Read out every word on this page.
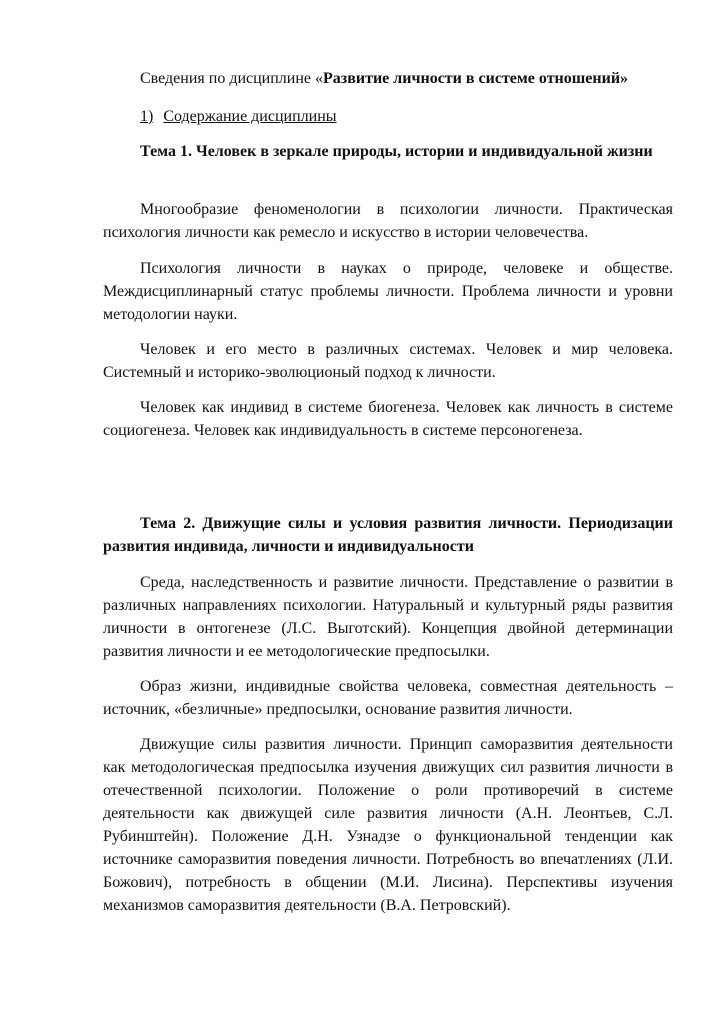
Сведения по дисциплине «Развитие личности в системе отношений»
1) Содержание дисциплины
Тема 1. Человек в зеркале природы, истории и индивидуальной жизни
Многообразие феноменологии в психологии личности. Практическая психология личности как ремесло и искусство в истории человечества.
Психология личности в науках о природе, человеке и обществе. Междисциплинарный статус проблемы личности. Проблема личности и уровни методологии науки.
Человек и его место в различных системах. Человек и мир человека. Системный и историко-эволюционый подход к личности.
Человек как индивид в системе биогенеза. Человек как личность в системе социогенеза. Человек как индивидуальность в системе персоногенеза.
Тема 2. Движущие силы и условия развития личности. Периодизации развития индивида, личности и индивидуальности
Среда, наследственность и развитие личности. Представление о развитии в различных направлениях психологии. Натуральный и культурный ряды развития личности в онтогенезе (Л.С. Выготский). Концепция двойной детерминации развития личности и ее методологические предпосылки.
Образ жизни, индивидные свойства человека, совместная деятельность – источник, «безличные» предпосылки, основание развития личности.
Движущие силы развития личности. Принцип саморазвития деятельности как методологическая предпосылка изучения движущих сил развития личности в отечественной психологии. Положение о роли противоречий в системе деятельности как движущей силе развития личности (А.Н. Леонтьев, С.Л. Рубинштейн). Положение Д.Н. Узнадзе о функциональной тенденции как источнике саморазвития поведения личности. Потребность во впечатлениях (Л.И. Божович), потребность в общении (М.И. Лисина). Перспективы изучения механизмов саморазвития деятельности (В.А. Петровский).
